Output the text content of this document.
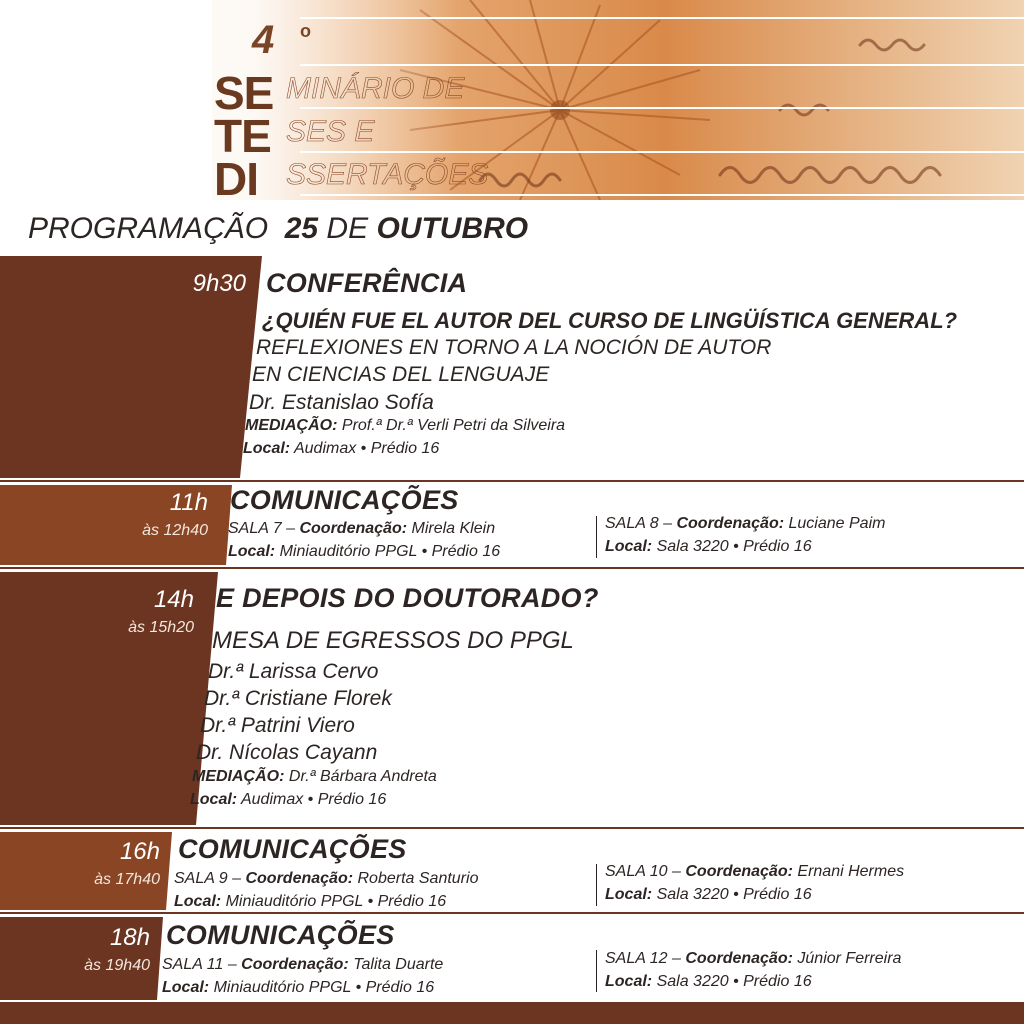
4 o
SE
TE
DI
MINÁRIO DE
SES E
SSERTAÇÕES
PROGRAMAÇÃO 25 DE OUTUBRO
9h30 CONFERÊNCIA
¿QUIÉN FUE EL AUTOR DEL CURSO DE LINGÜÍSTICA GENERAL?
REFLEXIONES EN TORNO A LA NOCIÓN DE AUTOR
EN CIENCIAS DEL LENGUAJE
Dr. Estanislao Sofía
MEDIAÇÃO: Prof.ª Dr.ª Verli Petri da Silveira
Local: Audimax • Prédio 16
11h
às 12h40
COMUNICAÇÕES
SALA 7 – Coordenação: Mirela Klein
Local: Miniauditório PPGL • Prédio 16
SALA 8 – Coordenação: Luciane Paim
Local: Sala 3220 • Prédio 16
14h
às 15h20
E DEPOIS DO DOUTORADO?
MESA DE EGRESSOS DO PPGL
Dr.ª Larissa Cervo
Dr.ª Cristiane Florek
Dr.ª Patrini Viero
Dr. Nícolas Cayann
MEDIAÇÃO: Dr.ª Bárbara Andreta
Local: Audimax • Prédio 16
16h
às 17h40
COMUNICAÇÕES
SALA 9 – Coordenação: Roberta Santurio
Local: Miniauditório PPGL • Prédio 16
SALA 10 – Coordenação: Ernani Hermes
Local: Sala 3220 • Prédio 16
18h
às 19h40
COMUNICAÇÕES
SALA 11 – Coordenação: Talita Duarte
Local: Miniauditório PPGL • Prédio 16
SALA 12 – Coordenação: Júnior Ferreira
Local: Sala 3220 • Prédio 16
